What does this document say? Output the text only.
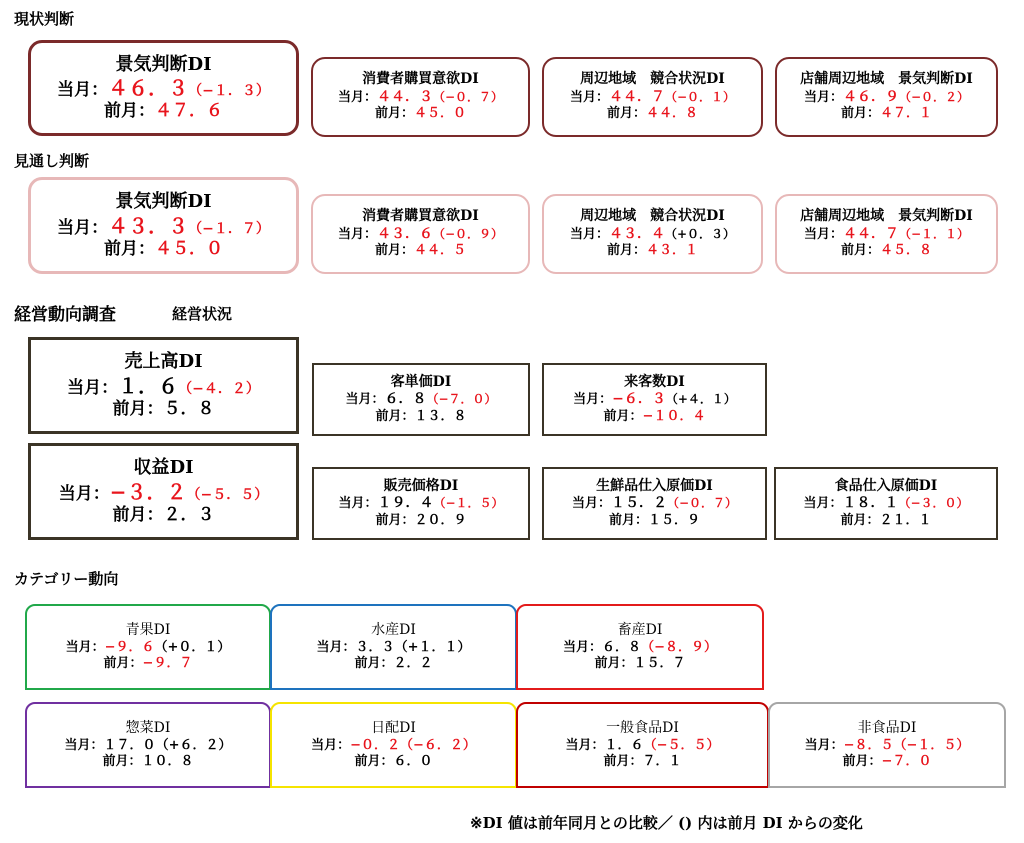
現状判断
見通し判断
経営動向調査	経営状況
カテゴリー動向
景気判断DI
当月：４６．３（−１．３）
前月：４７．６
消費者購買意欲DI
当月：４４．３（−０．７）
前月：４５．０
周辺地域　競合状況DI
当月：４４．７（−０．１）
前月：４４．８
店舗周辺地域　景気判断DI
当月：４６．９（−０．２）
前月：４７．１
景気判断DI
当月：４３．３（−１．７）
前月：４５．０
消費者購買意欲DI
当月：４３．６（−０．９）
前月：４４．５
周辺地域　競合状況DI
当月：４３．４（+０．３）
前月：４３．１
店舗周辺地域　景気判断DI
当月：４４．７（−１．１）
前月：４５．８
売上高DI
当月：１．６（−４．２）
前月：５．８
客単価DI
当月：６．８（−７．０）
前月：１３．８
来客数DI
当月：−６．３（+４．１）
前月：−１０．４
収益DI
当月：−３．２（−５．５）
前月：２．３
販売価格DI
当月：１９．４（−１．５）
前月：２０．９
生鮮品仕入原価DI
当月：１５．２（−０．７）
前月：１５．９
食品仕入原価DI
当月：１８．１（−３．０）
前月：２１．１
青果DI
当月：−９．６（+０．１）
前月：−９．７
水産DI
当月：３．３（+１．１）
前月：２．２
畜産DI
当月：６．８（−８．９）
前月：１５．７
惣菜DI
当月：１７．０（+６．２）
前月：１０．８
日配DI
当月：−０．２（−６．２）
前月：６．０
一般食品DI
当月：１．６（−５．５）
前月：７．１
非食品DI
当月：−８．５（−１．５）
前月：−７．０
※DI 値は前年同月との比較／ () 内は前月 DI からの変化
